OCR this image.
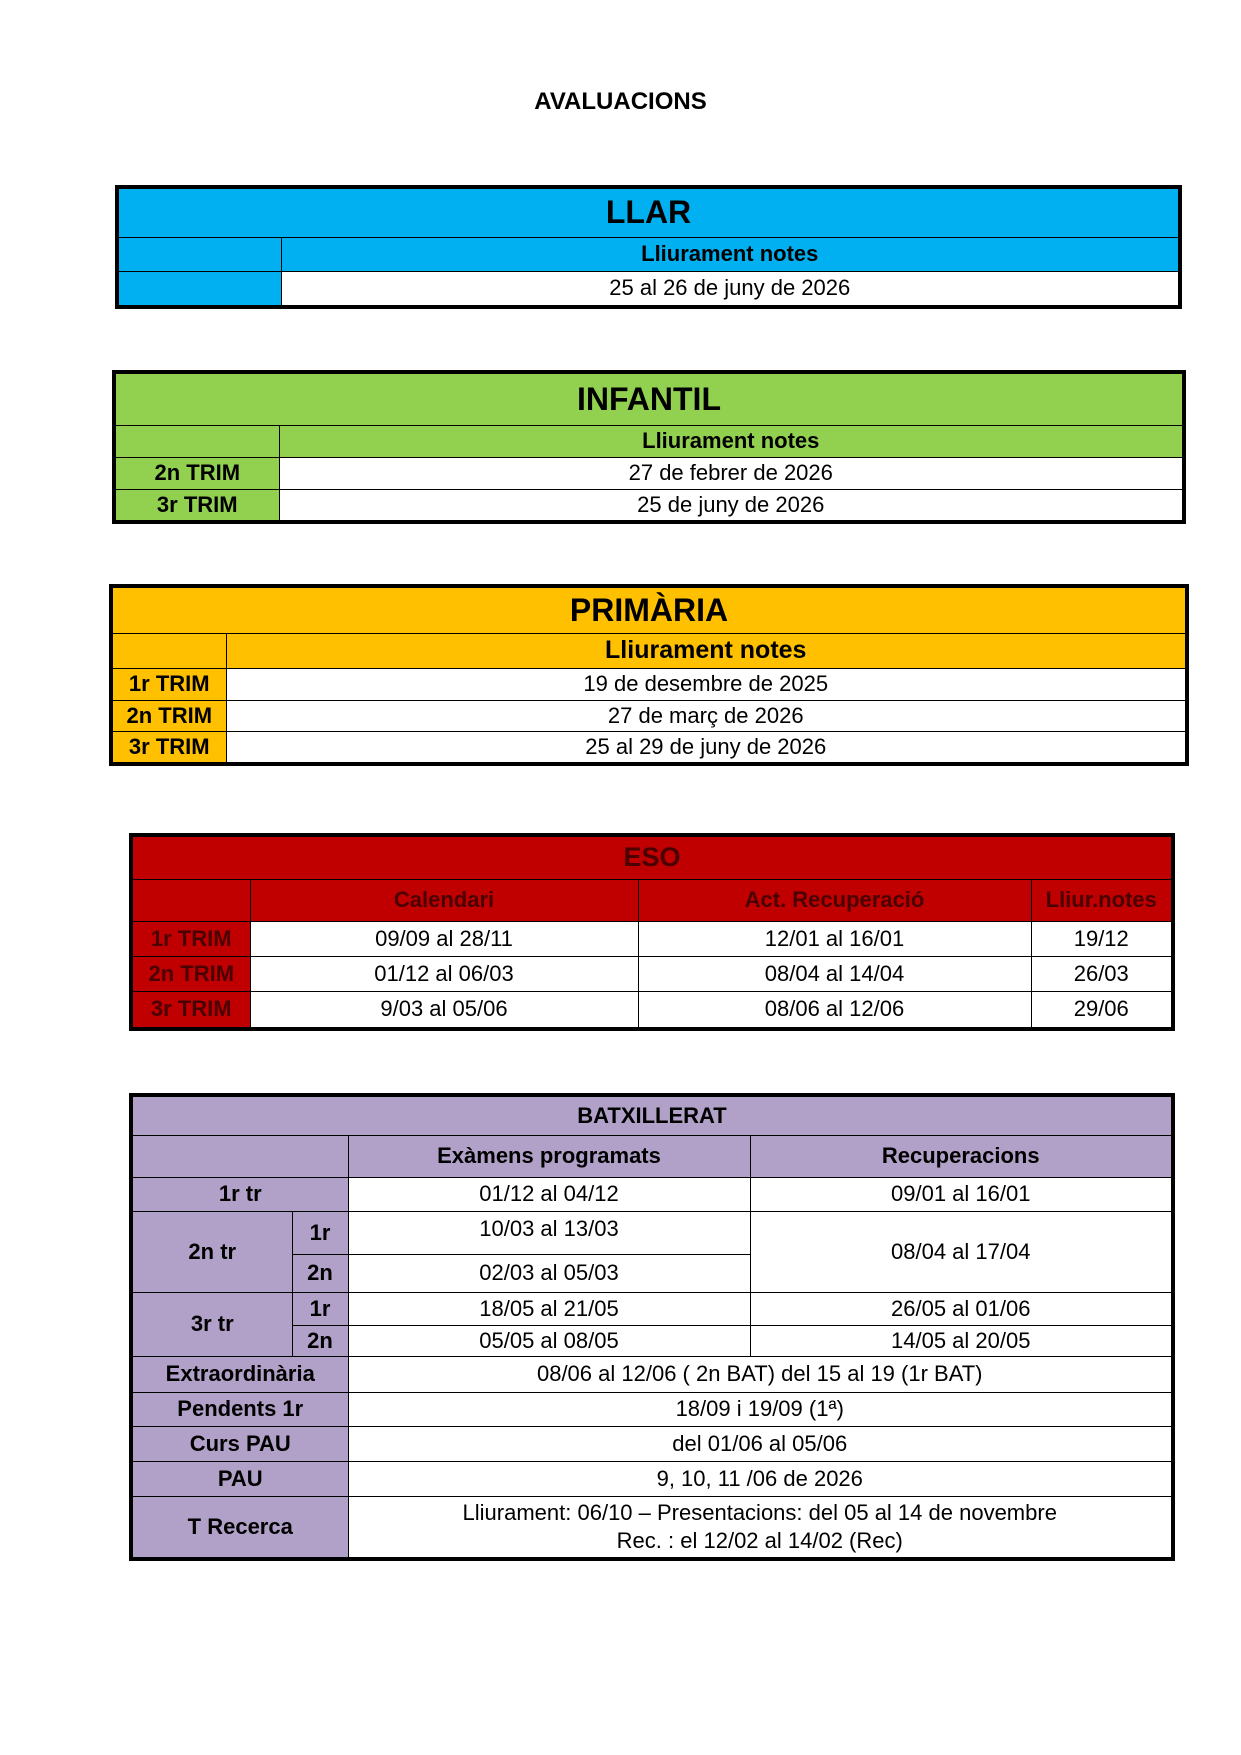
AVALUACIONS
LLAR	
	Lliurament notes
	25 al 26 de juny de 2026
INFANTIL	
	Lliurament notes
2n TRIM	27 de febrer de 2026
3r TRIM	25 de juny de 2026
PRIMÀRIA	
	Lliurament notes
1r TRIM	19 de desembre de 2025
2n TRIM	27 de març de 2026
3r TRIM	25 al 29 de juny de 2026
ESO			
	Calendari	Act. Recuperació	Lliur.notes
1r TRIM	09/09 al 28/11	12/01 al 16/01	19/12
2n TRIM	01/12 al 06/03	08/04 al 14/04	26/03
3r TRIM	9/03 al 05/06	08/06 al 12/06	29/06
BATXILLERAT			
		Exàmens programats	Recuperacions
1r tr		01/12 al 04/12	09/01 al 16/01
2n tr	1r	10/03 al 13/03	08/04 al 17/04
	2n	02/03 al 05/03	
3r tr	1r	18/05 al 21/05	26/05 al 01/06
	2n	05/05 al 08/05	14/05 al 20/05
Extraordinària		08/06 al 12/06 ( 2n BAT) del 15 al 19 (1r BAT)	
Pendents 1r		18/09 i 19/09 (1ª)	
Curs PAU		del 01/06 al 05/06	
PAU		9, 10, 11 /06 de 2026	
T Recerca		Lliurament: 06/10 – Presentacions: del 05 al 14 de novembre
Rec. : el 12/02 al 14/02 (Rec)	
